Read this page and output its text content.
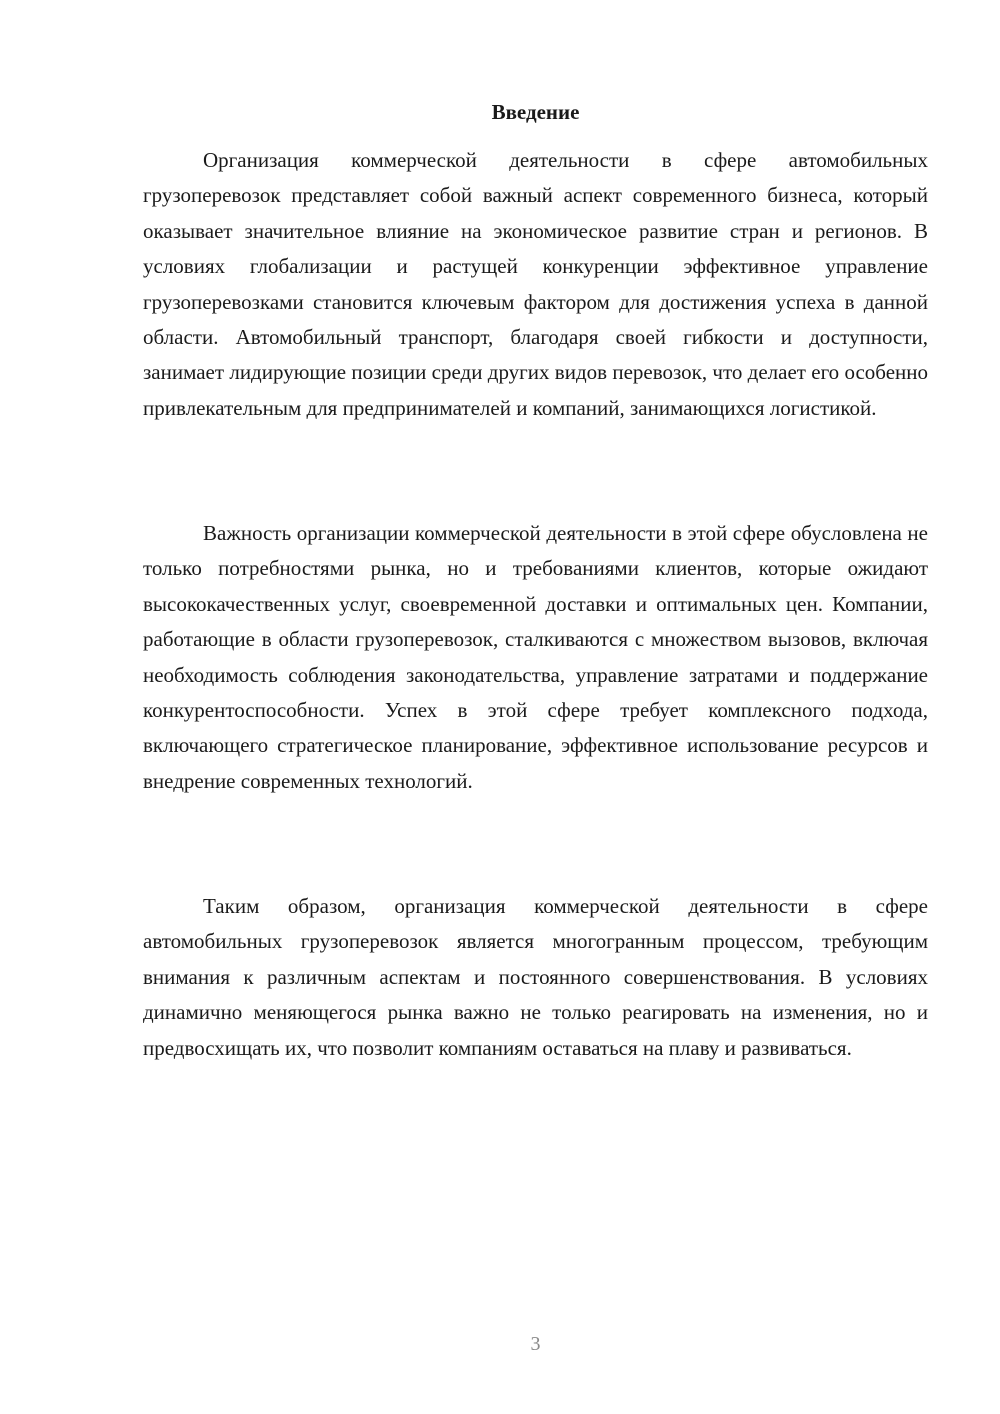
Введение

Организация коммерческой деятельности в сфере автомобильных грузоперевозок представляет собой важный аспект современного бизнеса, который оказывает значительное влияние на экономическое развитие стран и регионов. В условиях глобализации и растущей конкуренции эффективное управление грузоперевозками становится ключевым фактором для достижения успеха в данной области. Автомобильный транспорт, благодаря своей гибкости и доступности, занимает лидирующие позиции среди других видов перевозок, что делает его особенно привлекательным для предпринимателей и компаний, занимающихся логистикой.

Важность организации коммерческой деятельности в этой сфере обусловлена не только потребностями рынка, но и требованиями клиентов, которые ожидают высококачественных услуг, своевременной доставки и оптимальных цен. Компании, работающие в области грузоперевозок, сталкиваются с множеством вызовов, включая необходимость соблюдения законодательства, управление затратами и поддержание конкурентоспособности. Успех в этой сфере требует комплексного подхода, включающего стратегическое планирование, эффективное использование ресурсов и внедрение современных технологий.

Таким образом, организация коммерческой деятельности в сфере автомобильных грузоперевозок является многогранным процессом, требующим внимания к различным аспектам и постоянного совершенствования. В условиях динамично меняющегося рынка важно не только реагировать на изменения, но и предвосхищать их, что позволит компаниям оставаться на плаву и развиваться.

3
